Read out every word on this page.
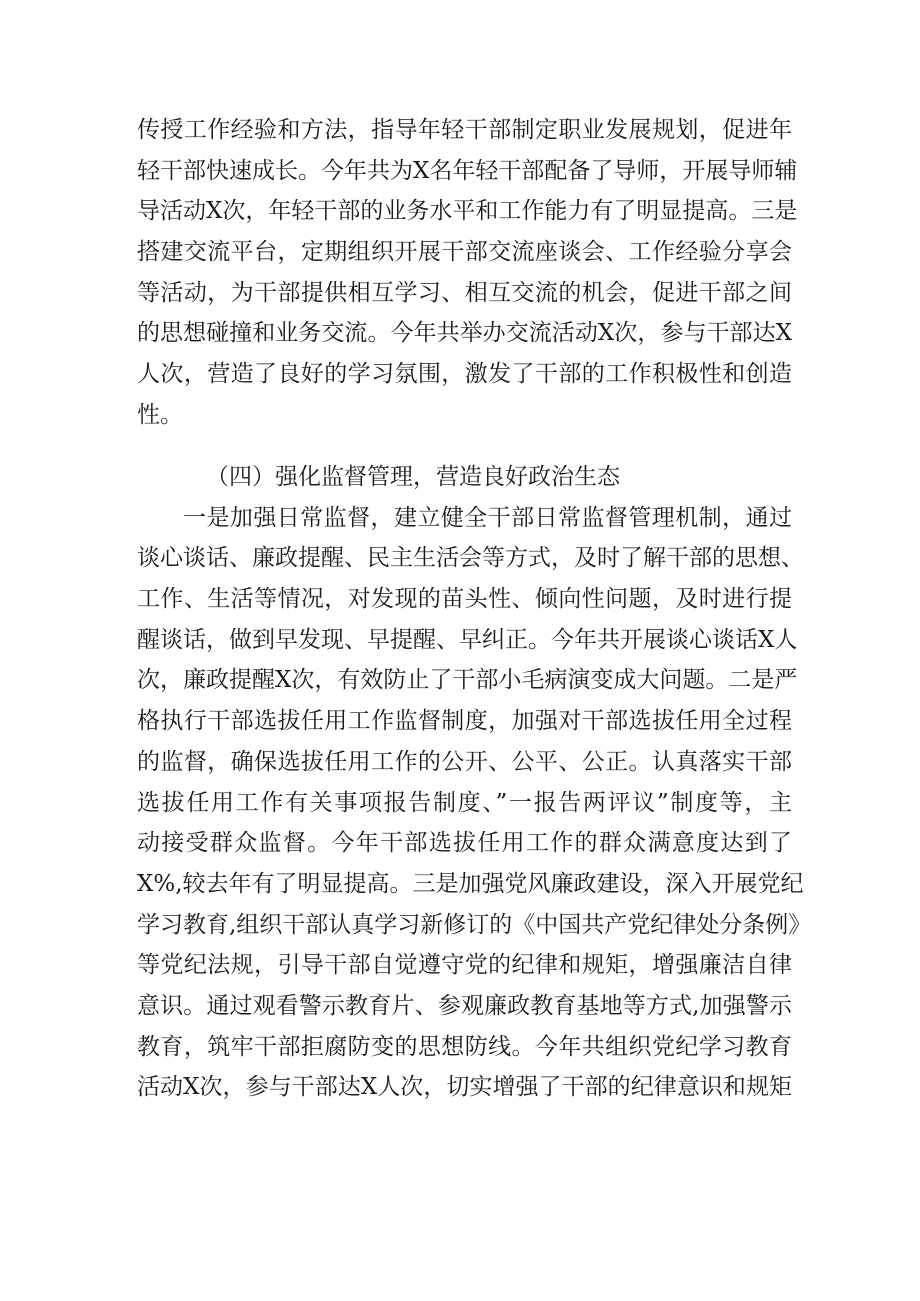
传授工作经验和方法，指导年轻干部制定职业发展规划，促进年
轻干部快速成长。今年共为X名年轻干部配备了导师，开展导师辅
导活动X次，年轻干部的业务水平和工作能力有了明显提高。三是
搭建交流平台，定期组织开展干部交流座谈会、工作经验分享会
等活动，为干部提供相互学习、相互交流的机会，促进干部之间
的思想碰撞和业务交流。今年共举办交流活动X次，参与干部达X
人次，营造了良好的学习氛围，激发了干部的工作积极性和创造
性。
（四）强化监督管理，营造良好政治生态
一是加强日常监督，建立健全干部日常监督管理机制，通过
谈心谈话、廉政提醒、民主生活会等方式，及时了解干部的思想、
工作、生活等情况，对发现的苗头性、倾向性问题，及时进行提
醒谈话，做到早发现、早提醒、早纠正。今年共开展谈心谈话X人
次，廉政提醒X次，有效防止了干部小毛病演变成大问题。二是严
格执行干部选拔任用工作监督制度，加强对干部选拔任用全过程
的监督，确保选拔任用工作的公开、公平、公正。认真落实干部
选拔任用工作有关事项报告制度、”一报告两评议”制度等，主
动接受群众监督。今年干部选拔任用工作的群众满意度达到了
X%,较去年有了明显提高。三是加强党风廉政建设，深入开展党纪
学习教育,组织干部认真学习新修订的《中国共产党纪律处分条例》
等党纪法规，引导干部自觉遵守党的纪律和规矩，增强廉洁自律
意识。通过观看警示教育片、参观廉政教育基地等方式,加强警示
教育，筑牢干部拒腐防变的思想防线。今年共组织党纪学习教育
活动X次，参与干部达X人次，切实增强了干部的纪律意识和规矩
